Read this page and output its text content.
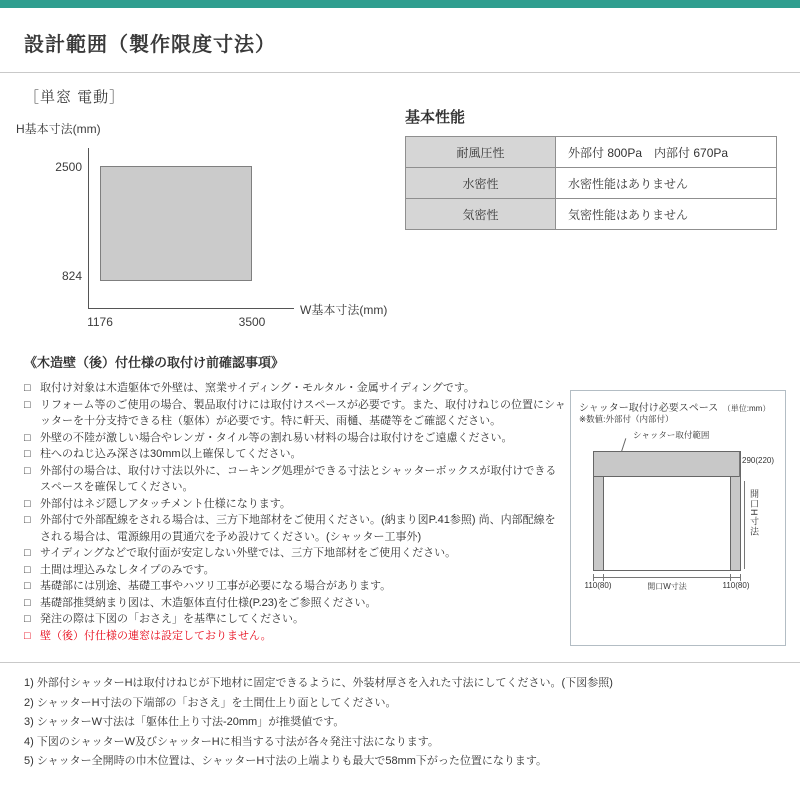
設計範囲（製作限度寸法）
［単窓 電動］
H基本寸法(mm)
2500
824
1176	3500
W基本寸法(mm)
基本性能
耐風圧性	外部付 800Pa　内部付 670Pa
水密性	水密性能はありません
気密性	気密性能はありません
《木造壁（後）付仕様の取付け前確認事項》
□ 取付け対象は木造躯体で外壁は、窯業サイディング・モルタル・金属サイディングです。
□ リフォーム等のご使用の場合、製品取付けには取付けスペースが必要です。また、取付けねじの位置にシャッターを十分支持できる柱（躯体）が必要です。特に軒天、雨樋、基礎等をご確認ください。
□ 外壁の不陸が激しい場合やレンガ・タイル等の割れ易い材料の場合は取付けをご遠慮ください。
□ 柱へのねじ込み深さは30mm以上確保してください。
□ 外部付の場合は、取付け寸法以外に、コーキング処理ができる寸法とシャッターボックスが取付けできるスペースを確保してください。
□ 外部付はネジ隠しアタッチメント仕様になります。
□ 外部付で外部配線をされる場合は、三方下地部材をご使用ください。(納まり図P.41参照) 尚、内部配線をされる場合は、電源線用の貫通穴を予め設けてください。(シャッター工事外)
□ サイディングなどで取付面が安定しない外壁では、三方下地部材をご使用ください。
□ 土間は埋込みなしタイプのみです。
□ 基礎部には別途、基礎工事やハツリ工事が必要になる場合があります。
□ 基礎部推奨納まり図は、木造躯体直付仕様(P.23)をご参照ください。
□ 発注の際は下図の「おさえ」を基準にしてください。
□ 壁（後）付仕様の連窓は設定しておりません。
シャッター取付け必要スペース （単位:mm）
※数値:外部付（内部付）
シャッター取付範囲
290(220)
開口H寸法
110(80)	開口W寸法	110(80)
1) 外部付シャッターHは取付けねじが下地材に固定できるように、外装材厚さを入れた寸法にしてください。(下図参照)
2) シャッターH寸法の下端部の「おさえ」を土間仕上り面としてください。
3) シャッターW寸法は「躯体仕上り寸法-20mm」が推奨値です。
4) 下図のシャッターW及びシャッターHに相当する寸法が各々発注寸法になります。
5) シャッター全開時の巾木位置は、シャッターH寸法の上端よりも最大で58mm下がった位置になります。
